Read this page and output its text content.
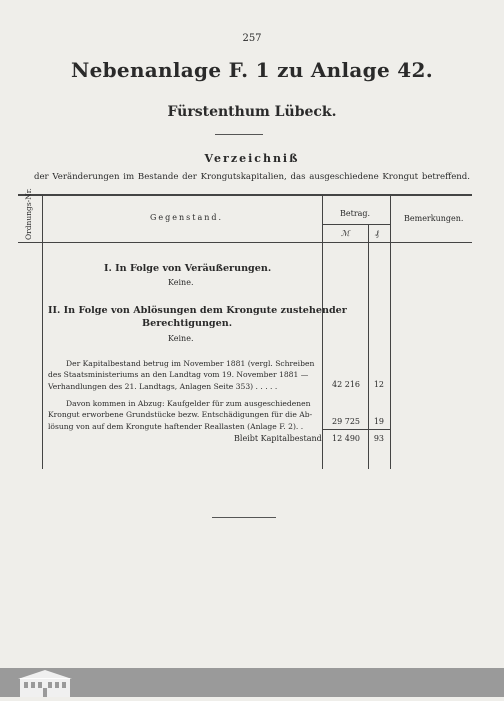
257
Nebenanlage F. 1 zu Anlage 42.
Fürstenthum Lübeck.
Verzeichniß
der Veränderungen im Bestande der Krongutskapitalien, das ausgeschiedene Krongut betreffend.
Ordnungs-Nr.	Gegenstand.	Betrag.
ℳ	₰
Bemerkungen.
I. In Folge von Veräußerungen.
Keine.
II. In Folge von Ablösungen dem Krongute zustehender
Berechtigungen.
Keine.
Der Kapitalbestand betrug im November 1881 (vergl. Schreiben
des Staatsministeriums an den Landtag vom 19. November 1881 —
Verhandlungen des 21. Landtags, Anlagen Seite 353) . . . . .	42 216	12
Davon kommen in Abzug: Kaufgelder für zum ausgeschiedenen
Krongut erworbene Grundstücke bezw. Entschädigungen für die Ab-
lösung von auf dem Krongute haftender Reallasten (Anlage F. 2). .
29 725	19
Bleibt Kapitalbestand	12 490	93
